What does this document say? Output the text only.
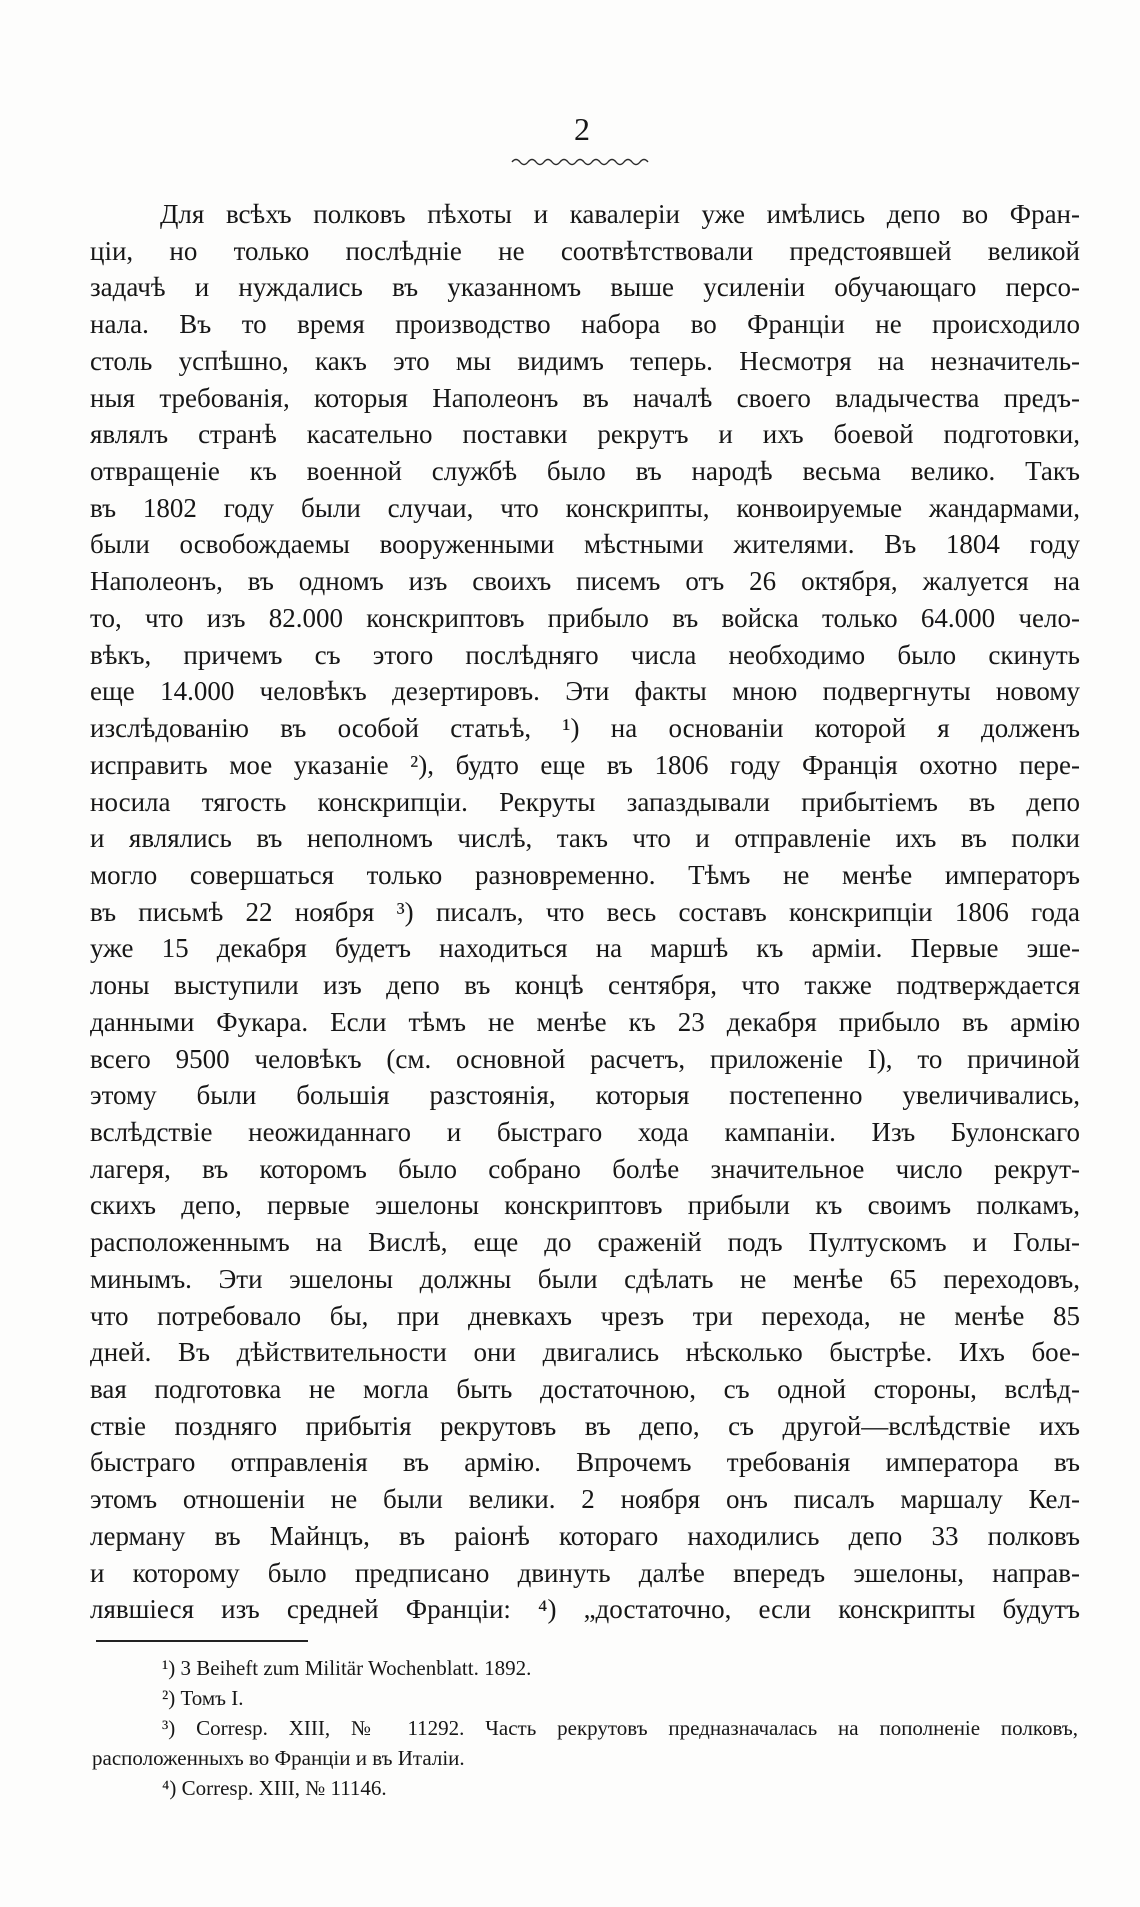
2
Для всѣхъ полковъ пѣхоты и кавалеріи уже имѣлись депо во Фран-
ціи, но только послѣдніе не соотвѣтствовали предстоявшей великой
задачѣ и нуждались въ указанномъ выше усиленіи обучающаго персо-
нала. Въ то время производство набора во Франціи не происходило
столь успѣшно, какъ это мы видимъ теперь. Несмотря на незначитель-
ныя требованія, которыя Наполеонъ въ началѣ своего владычества предъ-
являлъ странѣ касательно поставки рекрутъ и ихъ боевой подготовки,
отвращеніе къ военной службѣ было въ народѣ весьма велико. Такъ
въ 1802 году были случаи, что конскрипты, конвоируемые жандармами,
были освобождаемы вооруженными мѣстными жителями. Въ 1804 году
Наполеонъ, въ одномъ изъ своихъ писемъ отъ 26 октября, жалуется на
то, что изъ 82.000 конскриптовъ прибыло въ войска только 64.000 чело-
вѣкъ, причемъ съ этого послѣдняго числа необходимо было скинуть
еще 14.000 человѣкъ дезертировъ. Эти факты мною подвергнуты новому
изслѣдованію въ особой статьѣ, ¹) на основаніи которой я долженъ
исправить мое указаніе ²), будто еще въ 1806 году Франція охотно пере-
носила тягость конскрипціи. Рекруты запаздывали прибытіемъ въ депо
и являлись въ неполномъ числѣ, такъ что и отправленіе ихъ въ полки
могло совершаться только разновременно. Тѣмъ не менѣе императоръ
въ письмѣ 22 ноября ³) писалъ, что весь составъ конскрипціи 1806 года
уже 15 декабря будетъ находиться на маршѣ къ арміи. Первые эше-
лоны выступили изъ депо въ концѣ сентября, что также подтверждается
данными Фукара. Если тѣмъ не менѣе къ 23 декабря прибыло въ армію
всего 9500 человѣкъ (см. основной расчетъ, приложеніе I), то причиной
этому были большія разстоянія, которыя постепенно увеличивались,
вслѣдствіе неожиданнаго и быстраго хода кампаніи. Изъ Булонскаго
лагеря, въ которомъ было собрано болѣе значительное число рекрут-
скихъ депо, первые эшелоны конскриптовъ прибыли къ своимъ полкамъ,
расположеннымъ на Вислѣ, еще до сраженій подъ Пултускомъ и Голы-
минымъ. Эти эшелоны должны были сдѣлать не менѣе 65 переходовъ,
что потребовало бы, при дневкахъ чрезъ три перехода, не менѣе 85
дней. Въ дѣйствительности они двигались нѣсколько быстрѣе. Ихъ бое-
вая подготовка не могла быть достаточною, съ одной стороны, вслѣд-
ствіе поздняго прибытія рекрутовъ въ депо, съ другой—вслѣдствіе ихъ
быстраго отправленія въ армію. Впрочемъ требованія императора въ
этомъ отношеніи не были велики. 2 ноября онъ писалъ маршалу Кел-
лерману въ Майнцъ, въ раіонѣ котораго находились депо 33 полковъ
и которому было предписано двинуть далѣе впередъ эшелоны, направ-
лявшіеся изъ средней Франціи: ⁴) „достаточно, если конскрипты будутъ
¹) 3 Beiheft zum Militär Wochenblatt. 1892.
²) Томъ I.
³) Corresp. XIII, № 11292. Часть рекрутовъ предназначалась на пополненіе полковъ,
расположенныхъ во Франціи и въ Италіи.
⁴) Corresp. XIII, № 11146.
